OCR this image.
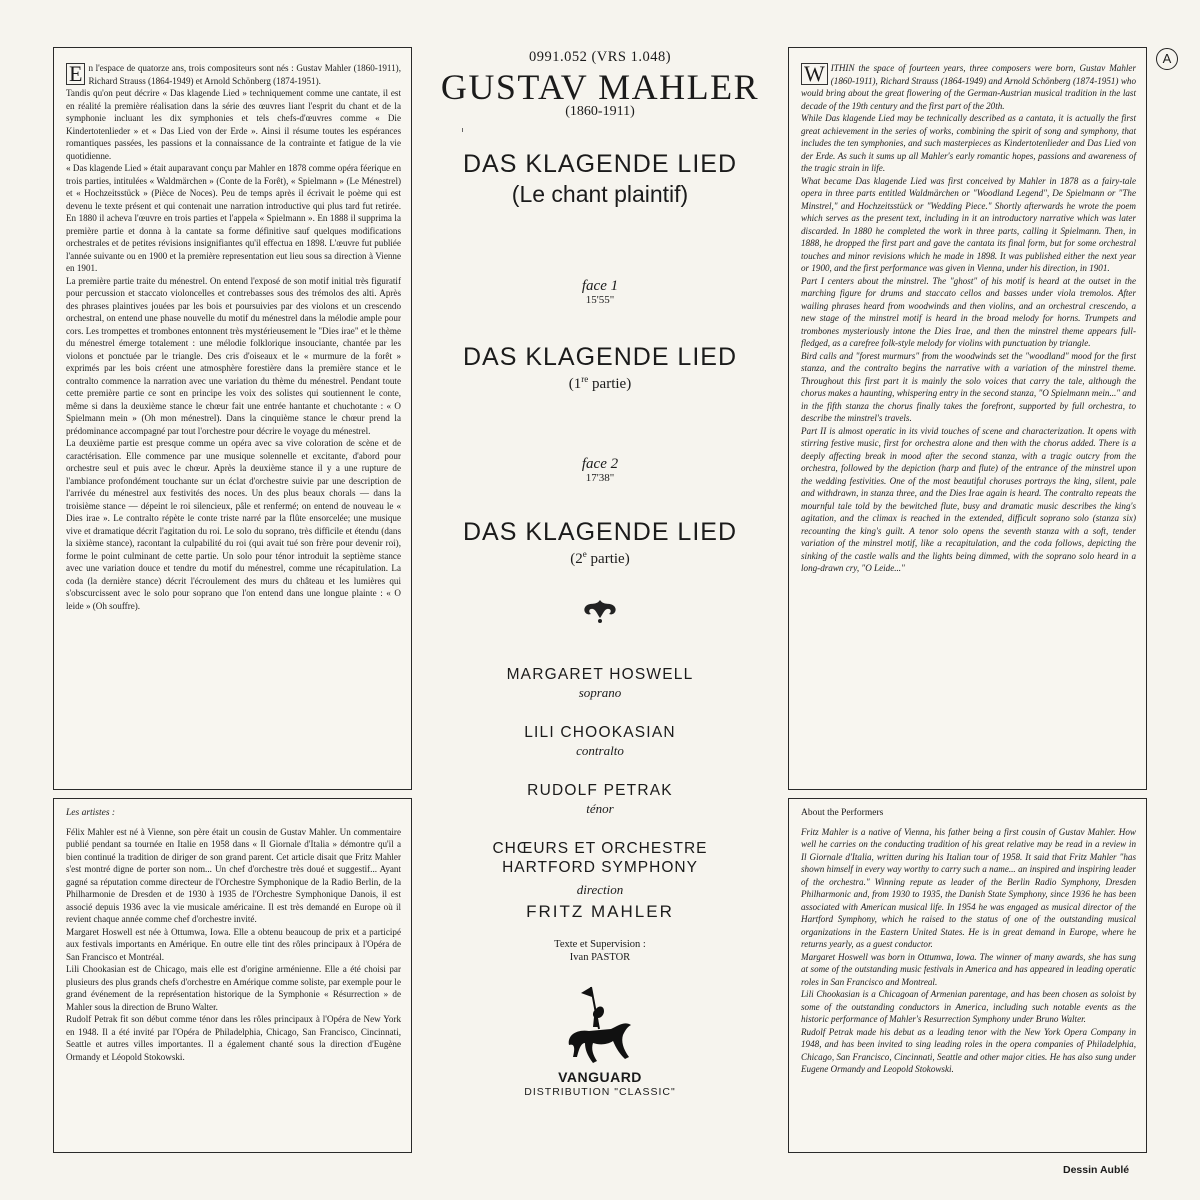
E n l'espace de quatorze ans, trois compositeurs sont nés : Gustav Mahler (1860-1911), Richard Strauss (1864-1949) et Arnold Schönberg (1874-1951).

Tandis qu'on peut décrire « Das klagende Lied » techniquement comme une cantate, il est en réalité la première réalisation dans la série des œuvres liant l'esprit du chant et de la symphonie incluant les dix symphonies et tels chefs-d'œuvres comme « Die Kindertotenlieder » et « Das Lied von der Erde ». Ainsi il résume toutes les espérances romantiques passées, les passions et la connaissance de la contrainte et fatigue de la vie quotidienne.

« Das klagende Lied » était auparavant conçu par Mahler en 1878 comme opéra féerique en trois parties, intitulées « Waldmärchen » (Conte de la Forêt), « Spielmann » (Le Ménestrel) et « Hochzeitsstück » (Pièce de Noces). Peu de temps après il écrivait le poème qui est devenu le texte présent et qui contenait une narration introductive qui plus tard fut retirée. En 1880 il acheva l'œuvre en trois parties et l'appela « Spielmann ». En 1888 il supprima la première partie et donna à la cantate sa forme définitive sauf quelques modifications orchestrales et de petites révisions insignifiantes qu'il effectua en 1898. L'œuvre fut publiée l'année suivante ou en 1900 et la première representation eut lieu sous sa direction à Vienne en 1901.

La première partie traite du ménestrel. On entend l'exposé de son motif initial très figuratif pour percussion et staccato violoncelles et contrebasses sous des trémolos des alti. Après des phrases plaintives jouées par les bois et poursuivies par des violons et un crescendo orchestral, on entend une phase nouvelle du motif du ménestrel dans la mélodie ample pour cors. Les trompettes et trombones entonnent très mystérieusement le "Dies irae" et le thème du ménestrel émerge totalement : une mélodie folklorique insouciante, chantée par les violons et ponctuée par le triangle. Des cris d'oiseaux et le « murmure de la forêt » exprimés par les bois créent une atmosphère forestière dans la première stance et le contralto commence la narration avec une variation du thème du ménestrel. Pendant toute cette première partie ce sont en principe les voix des solistes qui soutiennent le conte, même si dans la deuxième stance le chœur fait une entrée hantante et chuchotante : « O Spielmann mein » (Oh mon ménestrel). Dans la cinquième stance le chœur prend la prédominance accompagné par tout l'orchestre pour décrire le voyage du ménestrel.

La deuxième partie est presque comme un opéra avec sa vive coloration de scène et de caractérisation. Elle commence par une musique solennelle et excitante, d'abord pour orchestre seul et puis avec le chœur. Après la deuxième stance il y a une rupture de l'ambiance profondément touchante sur un éclat d'orchestre suivie par une description de l'arrivée du ménestrel aux festivités des noces. Un des plus beaux chorals — dans la troisième stance — dépeint le roi silencieux, pâle et renfermé; on entend de nouveau le « Dies irae ». Le contralto répète le conte triste narré par la flûte ensorcelée; une musique vive et dramatique décrit l'agitation du roi. Le solo du soprano, très difficile et étendu (dans la sixième stance), racontant la culpabilité du roi (qui avait tué son frère pour devenir roi), forme le point culminant de cette partie. Un solo pour ténor introduit la septième stance avec une variation douce et tendre du motif du ménestrel, comme une récapitulation. La coda (la dernière stance) décrit l'écroulement des murs du château et les lumières qui s'obscurcissent avec le solo pour soprano que l'on entend dans une longue plainte : « O leide » (Oh souffre).

Les artistes :

Félix Mahler est né à Vienne, son père était un cousin de Gustav Mahler. Un commentaire publié pendant sa tournée en Italie en 1958 dans « Il Giornale d'Italia » démontre qu'il a bien continué la tradition de diriger de son grand parent. Cet article disait que Fritz Mahler s'est montré digne de porter son nom... Un chef d'orchestre très doué et suggestif... Ayant gagné sa réputation comme directeur de l'Orchestre Symphonique de la Radio Berlin, de la Philharmonie de Dresden et de 1930 à 1935 de l'Orchestre Symphonique Danois, il est associé depuis 1936 avec la vie musicale américaine. Il est très demandé en Europe où il revient chaque année comme chef d'orchestre invité.

Margaret Hoswell est née à Ottumwa, Iowa. Elle a obtenu beaucoup de prix et a participé aux festivals importants en Amérique. En outre elle tint des rôles principaux à l'Opéra de San Francisco et Montréal.

Lili Chookasian est de Chicago, mais elle est d'origine arménienne. Elle a été choisi par plusieurs des plus grands chefs d'orchestre en Amérique comme soliste, par exemple pour le grand événement de la représentation historique de la Symphonie « Résurrection » de Mahler sous la direction de Bruno Walter.

Rudolf Petrak fit son début comme ténor dans les rôles principaux à l'Opéra de New York en 1948. Il a été invité par l'Opéra de Philadelphia, Chicago, San Francisco, Cincinnati, Seattle et autres villes importantes. Il a également chanté sous la direction d'Eugène Ormandy et Léopold Stokowski.

W ITHIN the space of fourteen years, three composers were born, Gustav Mahler (1860-1911), Richard Strauss (1864-1949) and Arnold Schönberg (1874-1951) who would bring about the great flowering of the German-Austrian musical tradition in the last decade of the 19th century and the first part of the 20th.

While Das klagende Lied may be technically described as a cantata, it is actually the first great achievement in the series of works, combining the spirit of song and symphony, that includes the ten symphonies, and such masterpieces as Kindertotenlieder and Das Lied von der Erde. As such it sums up all Mahler's early romantic hopes, passions and awareness of the tragic strain in life.

What became Das klagende Lied was first conceived by Mahler in 1878 as a fairy-tale opera in three parts entitled Waldmärchen or "Woodland Legend", De Spielmann or "The Minstrel," and Hochzeitsstück or "Wedding Piece." Shortly afterwards he wrote the poem which serves as the present text, including in it an introductory narrative which was later discarded. In 1880 he completed the work in three parts, calling it Spielmann. Then, in 1888, he dropped the first part and gave the cantata its final form, but for some orchestral touches and minor revisions which he made in 1898. It was published either the next year or 1900, and the first performance was given in Vienna, under his direction, in 1901.

Part I centers about the minstrel. The "ghost" of his motif is heard at the outset in the marching figure for drums and staccato cellos and basses under viola tremolos. After wailing phrases heard from woodwinds and then violins, and an orchestral crescendo, a new stage of the minstrel motif is heard in the broad melody for horns. Trumpets and trombones mysteriously intone the Dies Irae, and then the minstrel theme appears full-fledged, as a carefree folk-style melody for violins with punctuation by triangle.

Bird calls and "forest murmurs" from the woodwinds set the "woodland" mood for the first stanza, and the contralto begins the narrative with a variation of the minstrel theme. Throughout this first part it is mainly the solo voices that carry the tale, although the chorus makes a haunting, whispering entry in the second stanza, "O Spielmann mein..." and in the fifth stanza the chorus finally takes the forefront, supported by full orchestra, to describe the minstrel's travels.

Part II is almost operatic in its vivid touches of scene and characterization. It opens with stirring festive music, first for orchestra alone and then with the chorus added. There is a deeply affecting break in mood after the second stanza, with a tragic outcry from the orchestra, followed by the depiction (harp and flute) of the entrance of the minstrel upon the wedding festivities. One of the most beautiful choruses portrays the king, silent, pale and withdrawn, in stanza three, and the Dies Irae again is heard. The contralto repeats the mournful tale told by the bewitched flute, busy and dramatic music describes the king's agitation, and the climax is reached in the extended, difficult soprano solo (stanza six) recounting the king's guilt. A tenor solo opens the seventh stanza with a soft, tender variation of the minstrel motif, like a recapitulation, and the coda follows, depicting the sinking of the castle walls and the lights being dimmed, with the soprano solo heard in a long-drawn cry, "O Leide..."

About the Performers

Fritz Mahler is a native of Vienna, his father being a first cousin of Gustav Mahler. How well he carries on the conducting tradition of his great relative may be read in a review in Il Giornale d'Italia, written during his Italian tour of 1958. It said that Fritz Mahler "has shown himself in every way worthy to carry such a name... an inspired and inspiring leader of the orchestra." Winning repute as leader of the Berlin Radio Symphony, Dresden Philharmonic and, from 1930 to 1935, the Danish State Symphony, since 1936 he has been associated with American musical life. In 1954 he was engaged as musical director of the Hartford Symphony, which he raised to the status of one of the outstanding musical organizations in the Eastern United States. He is in great demand in Europe, where he returns yearly, as a guest conductor.

Margaret Hoswell was born in Ottumwa, Iowa. The winner of many awards, she has sung at some of the outstanding music festivals in America and has appeared in leading operatic roles in San Francisco and Montreal.

Lili Chookasian is a Chicagoan of Armenian parentage, and has been chosen as soloist by some of the outstanding conductors in America, including such notable events as the historic performance of Mahler's Resurrection Symphony under Bruno Walter.

Rudolf Petrak made his debut as a leading tenor with the New York Opera Company in 1948, and has been invited to sing leading roles in the opera companies of Philadelphia, Chicago, San Francisco, Cincinnati, Seattle and other major cities. He has also sung under Eugene Ormandy and Leopold Stokowski.

A
0991.052 (VRS 1.048)
GUSTAV MAHLER
(1860-1911)
DAS KLAGENDE LIED
(Le chant plaintif)
face 1
15'55"
DAS KLAGENDE LIED
(1re partie)
face 2
17'38"
DAS KLAGENDE LIED
(2e partie)
MARGARET HOSWELL
soprano
LILI CHOOKASIAN
contralto
RUDOLF PETRAK
ténor
CHŒURS ET ORCHESTRE
HARTFORD SYMPHONY
direction
FRITZ MAHLER
Texte et Supervision :
Ivan PASTOR
VANGUARD
DISTRIBUTION "CLASSIC"
Dessin Aublé
